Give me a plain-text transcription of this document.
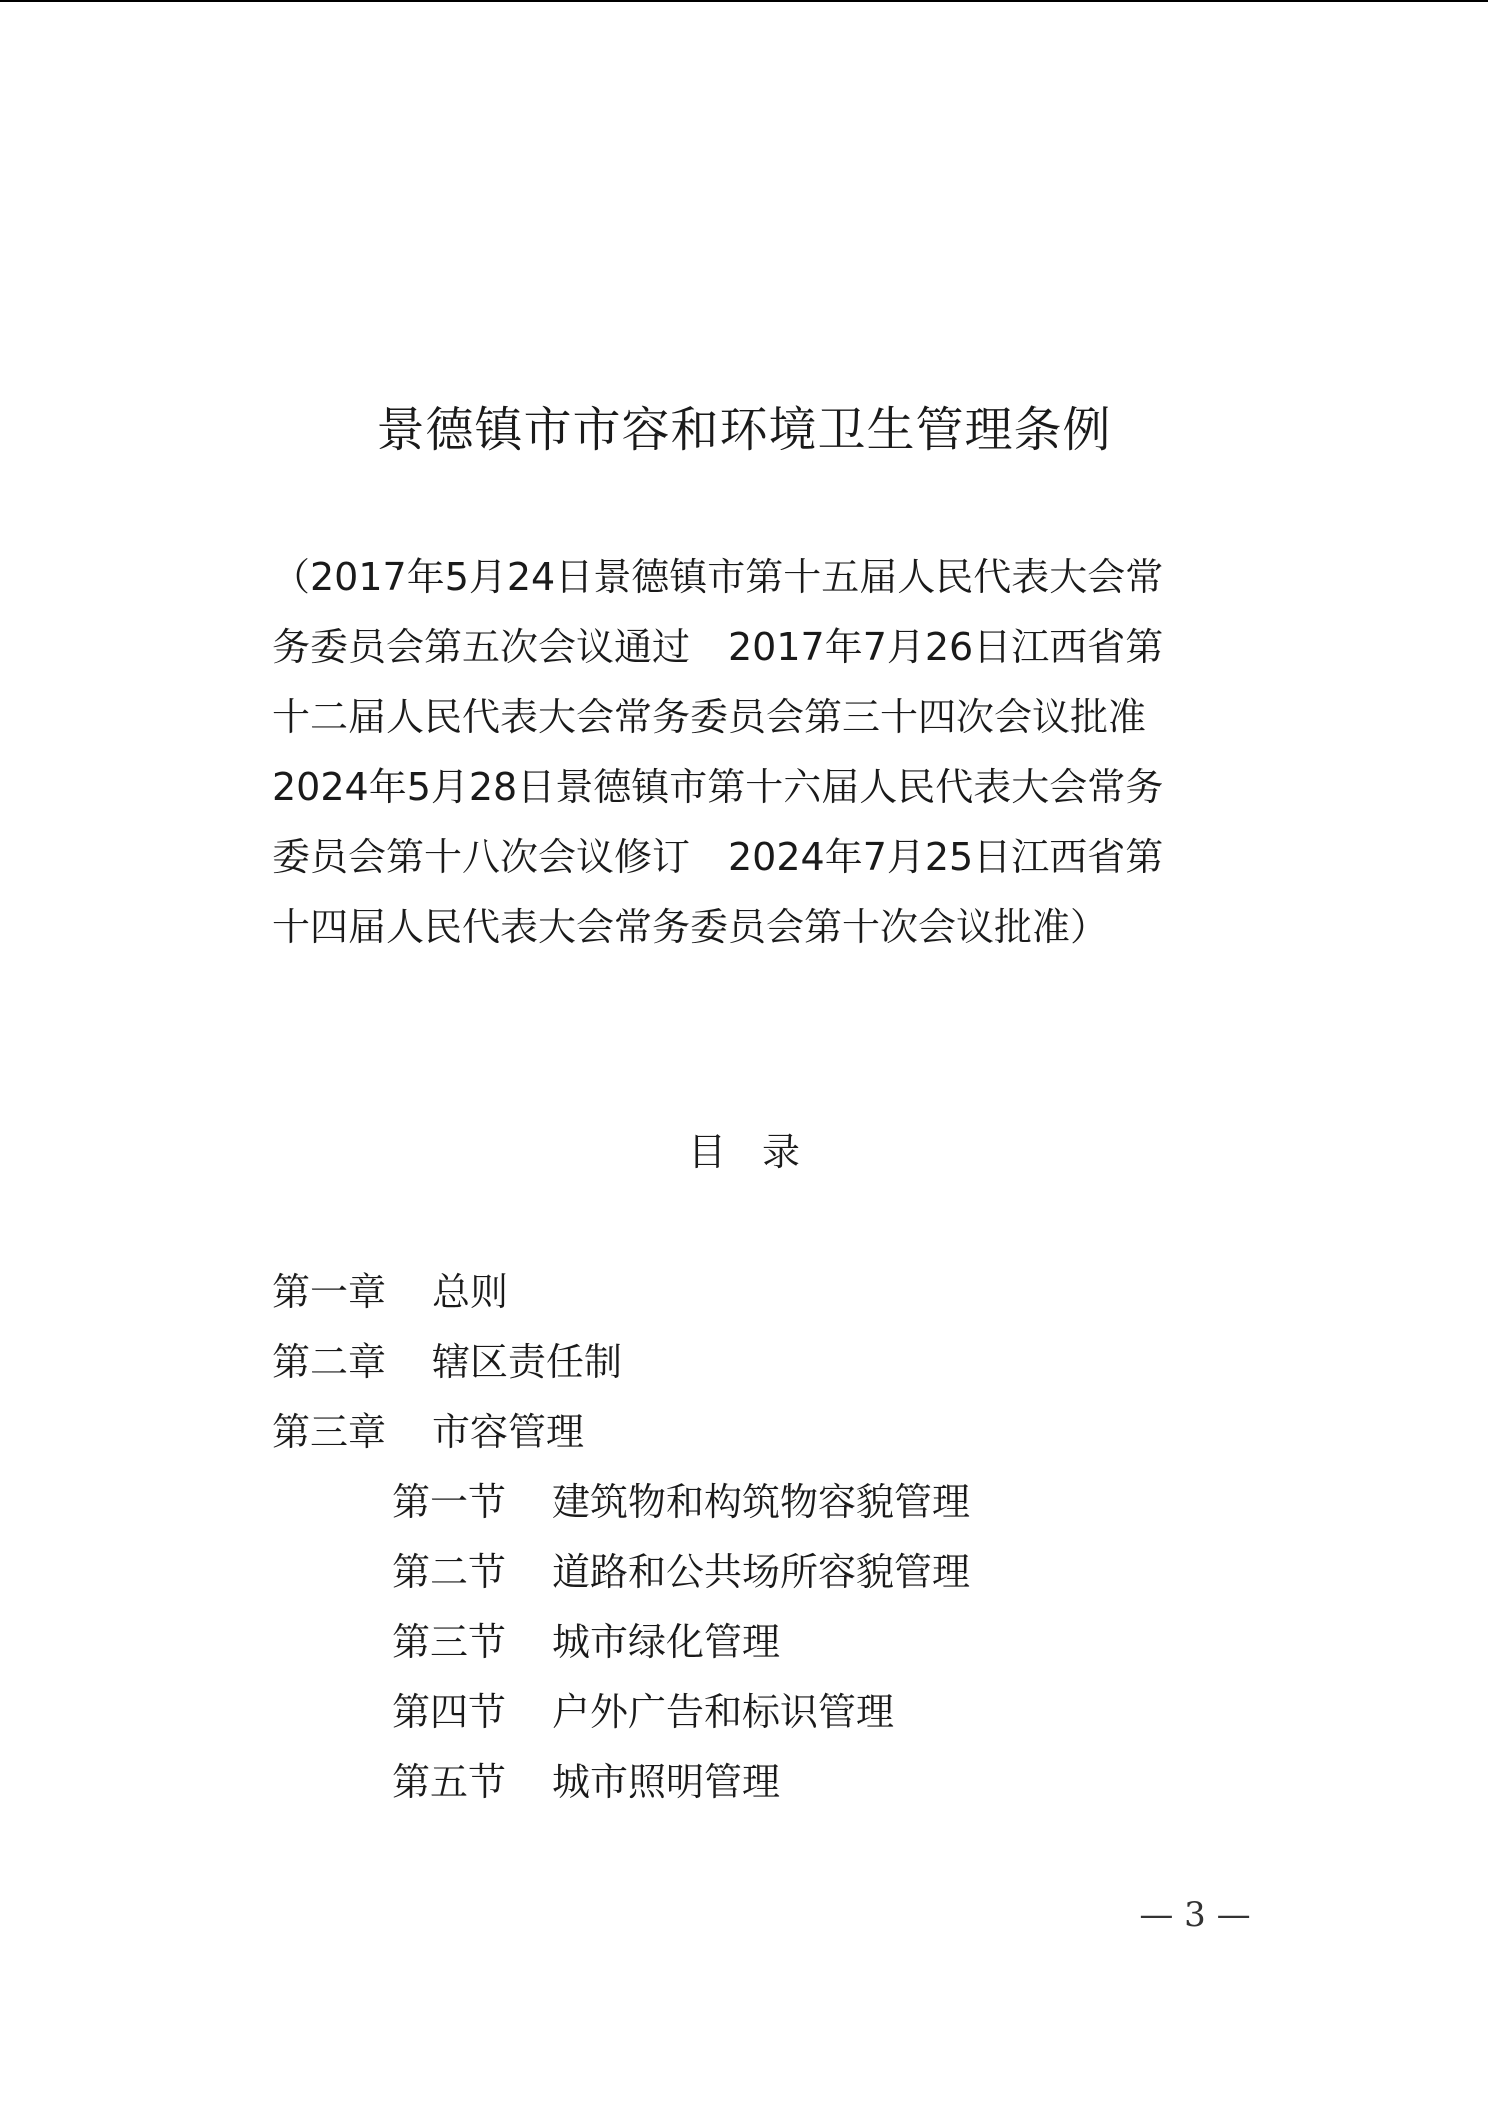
景德镇市市容和环境卫生管理条例
（2017年5月24日景德镇市第十五届人民代表大会常
务委员会第五次会议通过　2017年7月26日江西省第
十二届人民代表大会常务委员会第三十四次会议批准
2024年5月28日景德镇市第十六届人民代表大会常务
委员会第十八次会议修订　2024年7月25日江西省第
十四届人民代表大会常务委员会第十次会议批准）
目录
第一章 总则
第二章 辖区责任制
第三章 市容管理
第一节 建筑物和构筑物容貌管理
第二节 道路和公共场所容貌管理
第三节 城市绿化管理
第四节 户外广告和标识管理
第五节 城市照明管理
— 3 —
